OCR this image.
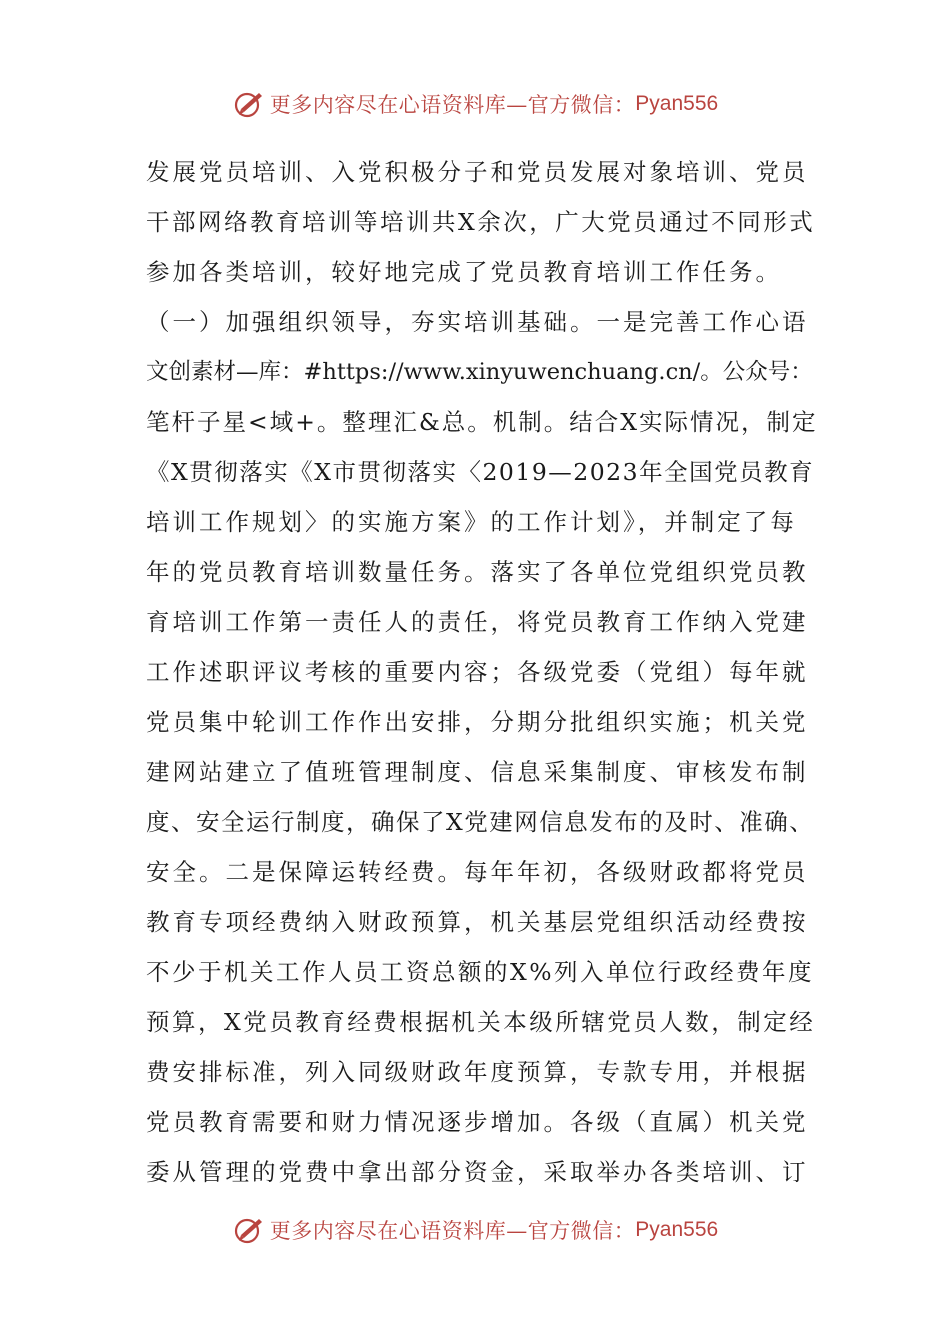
更多内容尽在心语资料库—官方微信： Pyan556
发展党员培训、入党积极分子和党员发展对象培训、党员
干部网络教育培训等培训共X余次，广大党员通过不同形式
参加各类培训，较好地完成了党员教育培训工作任务。
（一）加强组织领导，夯实培训基础。一是完善工作心语
文创素材—库：#https://www.xinyuwenchuang.cn/。公众号：
笔杆子星<域+。整理汇&总。机制。结合X实际情况，制定
《X贯彻落实《X市贯彻落实〈2019—2023年全国党员教育
培训工作规划〉的实施方案》的工作计划》，并制定了每
年的党员教育培训数量任务。落实了各单位党组织党员教
育培训工作第一责任人的责任，将党员教育工作纳入党建
工作述职评议考核的重要内容；各级党委（党组）每年就
党员集中轮训工作作出安排，分期分批组织实施；机关党
建网站建立了值班管理制度、信息采集制度、审核发布制
度、安全运行制度，确保了X党建网信息发布的及时、准确、
安全。二是保障运转经费。每年年初，各级财政都将党员
教育专项经费纳入财政预算，机关基层党组织活动经费按
不少于机关工作人员工资总额的X%列入单位行政经费年度
预算，X党员教育经费根据机关本级所辖党员人数，制定经
费安排标准，列入同级财政年度预算，专款专用，并根据
党员教育需要和财力情况逐步增加。各级（直属）机关党
委从管理的党费中拿出部分资金，采取举办各类培训、订
更多内容尽在心语资料库—官方微信： Pyan556
